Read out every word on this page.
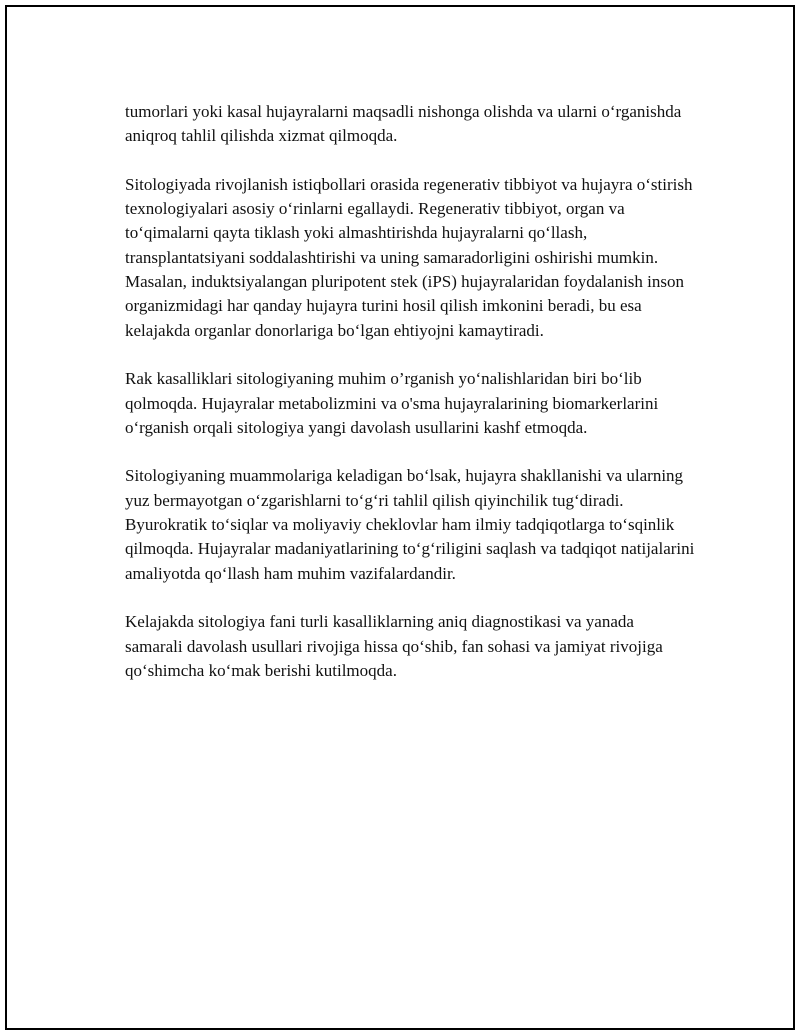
tumorlari yoki kasal hujayralarni maqsadli nishonga olishda va ularni o‘rganishda aniqroq tahlil qilishda xizmat qilmoqda.

Sitologiyada rivojlanish istiqbollari orasida regenerativ tibbiyot va hujayra o‘stirish texnologiyalari asosiy o‘rinlarni egallaydi. Regenerativ tibbiyot, organ va to‘qimalarni qayta tiklash yoki almashtirishda hujayralarni qo‘llash, transplantatsiyani soddalashtirishi va uning samaradorligini oshirishi mumkin. Masalan, induktsiyalangan pluripotent stek (iPS) hujayralaridan foydalanish inson organizmidagi har qanday hujayra turini hosil qilish imkonini beradi, bu esa kelajakda organlar donorlariga bo‘lgan ehtiyojni kamaytiradi.

Rak kasalliklari sitologiyaning muhim o’rganish yo‘nalishlaridan biri bo‘lib qolmoqda. Hujayralar metabolizmini va o'sma hujayralarining biomarkerlarini o‘rganish orqali sitologiya yangi davolash usullarini kashf etmoqda.

Sitologiyaning muammolariga keladigan bo‘lsak, hujayra shakllanishi va ularning yuz bermayotgan o‘zgarishlarni to‘g‘ri tahlil qilish qiyinchilik tug‘diradi. Byurokratik to‘siqlar va moliyaviy cheklovlar ham ilmiy tadqiqotlarga to‘sqinlik qilmoqda. Hujayralar madaniyatlarining to‘g‘riligini saqlash va tadqiqot natijalarini amaliyotda qo‘llash ham muhim vazifalardandir.

Kelajakda sitologiya fani turli kasalliklarning aniq diagnostikasi va yanada samarali davolash usullari rivojiga hissa qo‘shib, fan sohasi va jamiyat rivojiga qo‘shimcha ko‘mak berishi kutilmoqda.
